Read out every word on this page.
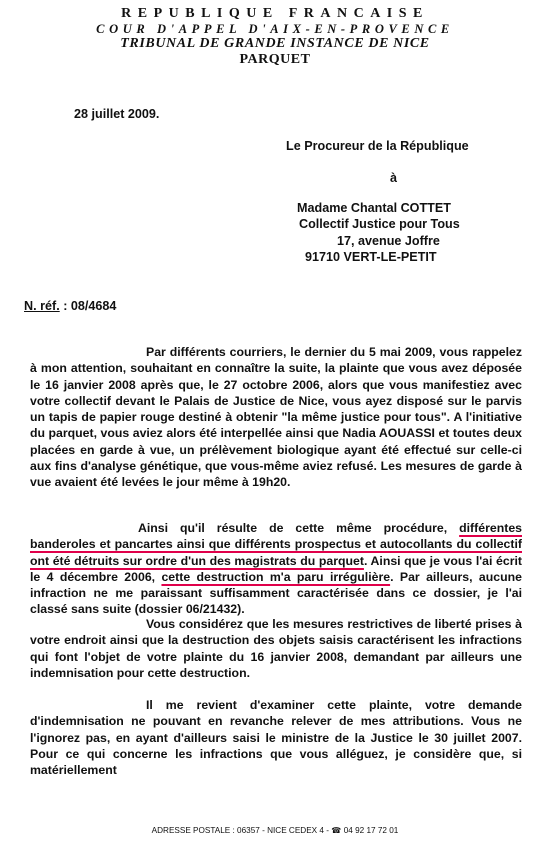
REPUBLIQUE FRANCAISE
COUR D'APPEL D'AIX-EN-PROVENCE
TRIBUNAL DE GRANDE INSTANCE DE NICE
PARQUET
28 juillet 2009.
Le Procureur de la République
à
Madame Chantal COTTET
Collectif Justice pour Tous
17, avenue Joffre
91710 VERT-LE-PETIT
N. réf. : 08/4684

Par différents courriers, le dernier du 5 mai 2009, vous rappelez à mon attention, souhaitant en connaître la suite, la plainte que vous avez déposée le 16 janvier 2008 après que, le 27 octobre 2006, alors que vous manifestiez avec votre collectif devant le Palais de Justice de Nice, vous ayez disposé sur le parvis un tapis de papier rouge destiné à obtenir "la même justice pour tous". A l'initiative du parquet, vous aviez alors été interpellée ainsi que Nadia AOUASSI et toutes deux placées en garde à vue, un prélèvement biologique ayant été effectué sur celle-ci aux fins d'analyse génétique, que vous-même aviez refusé. Les mesures de garde à vue avaient été levées le jour même à 19h20.

Ainsi qu'il résulte de cette même procédure, différentes banderoles et pancartes ainsi que différents prospectus et autocollants du collectif ont été détruits sur ordre d'un des magistrats du parquet. Ainsi que je vous l'ai écrit le 4 décembre 2006, cette destruction m'a paru irrégulière. Par ailleurs, aucune infraction ne me paraissant suffisamment caractérisée dans ce dossier, je l'ai classé sans suite (dossier 06/21432).

Vous considérez que les mesures restrictives de liberté prises à votre endroit ainsi que la destruction des objets saisis caractérisent les infractions qui font l'objet de votre plainte du 16 janvier 2008, demandant par ailleurs une indemnisation pour cette destruction.

Il me revient d'examiner cette plainte, votre demande d'indemnisation ne pouvant en revanche relever de mes attributions. Vous ne l'ignorez pas, en ayant d'ailleurs saisi le ministre de la Justice le 30 juillet 2007. Pour ce qui concerne les infractions que vous alléguez, je considère que, si matériellement

ADRESSE POSTALE : 06357 - NICE CEDEX 4 - ☎ 04 92 17 72 01
